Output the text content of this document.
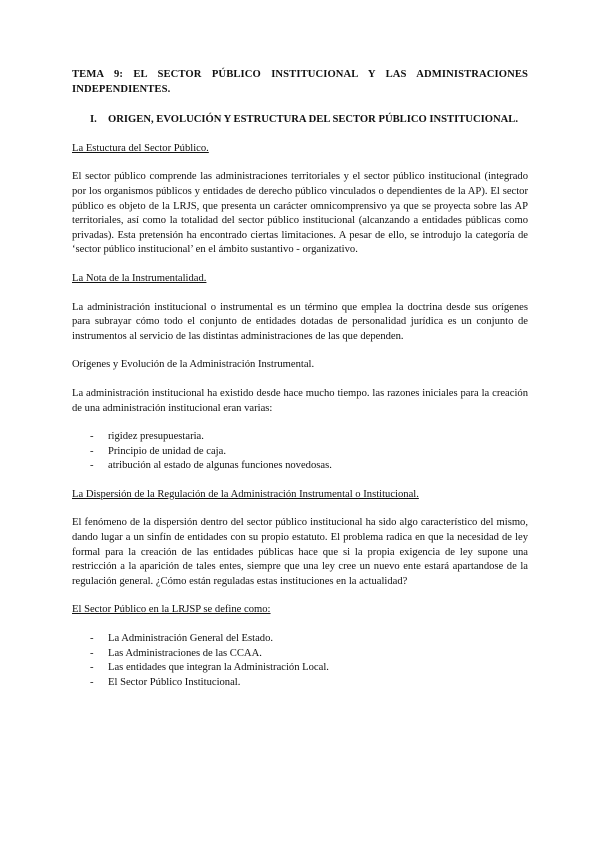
TEMA 9: EL SECTOR PÚBLICO INSTITUCIONAL Y LAS ADMINISTRACIONES INDEPENDIENTES.

I.	ORIGEN, EVOLUCIÓN Y ESTRUCTURA DEL SECTOR PÚBLICO INSTITUCIONAL.

La Estuctura del Sector Público.

El sector público comprende las administraciones territoriales y el sector público institucional (integrado por los organismos públicos y entidades de derecho público vinculados o dependientes de la AP). El sector público es objeto de la LRJS, que presenta un carácter omnicomprensivo ya que se proyecta sobre las AP territoriales, así como la totalidad del sector público institucional (alcanzando a entidades públicas como privadas). Esta pretensión ha encontrado ciertas limitaciones. A pesar de ello, se introdujo la categoría de ‘sector público institucional’ en el ámbito sustantivo - organizativo.

La Nota de la Instrumentalidad.

La administración institucional o instrumental es un término que emplea la doctrina desde sus orígenes para subrayar cómo todo el conjunto de entidades dotadas de personalidad jurídica es un conjunto de instrumentos al servicio de las distintas administraciones de las que dependen.

Orígenes y Evolución de la Administración Instrumental.

La administración institucional ha existido desde hace mucho tiempo. las razones iniciales para la creación de una administración institucional eran varias:

-	rigidez presupuestaria.
-	Principio de unidad de caja.
-	atribución al estado de algunas funciones novedosas.

La Dispersión de la Regulación de la Administración Instrumental o Institucional.

El fenómeno de la dispersión dentro del sector público institucional ha sido algo característico del mismo, dando lugar a un sinfín de entidades con su propio estatuto. El problema radica en que la necesidad de ley formal para la creación de las entidades públicas hace que si la propia exigencia de ley supone una restricción a la aparición de tales entes, siempre que una ley cree un nuevo ente estará apartandose de la regulación general. ¿Cómo están reguladas estas instituciones en la actualidad?

El Sector Público en la LRJSP se define como:

-	La Administración General del Estado.
-	Las Administraciones de las CCAA.
-	Las entidades que integran la Administración Local.
-	El Sector Público Institucional.
